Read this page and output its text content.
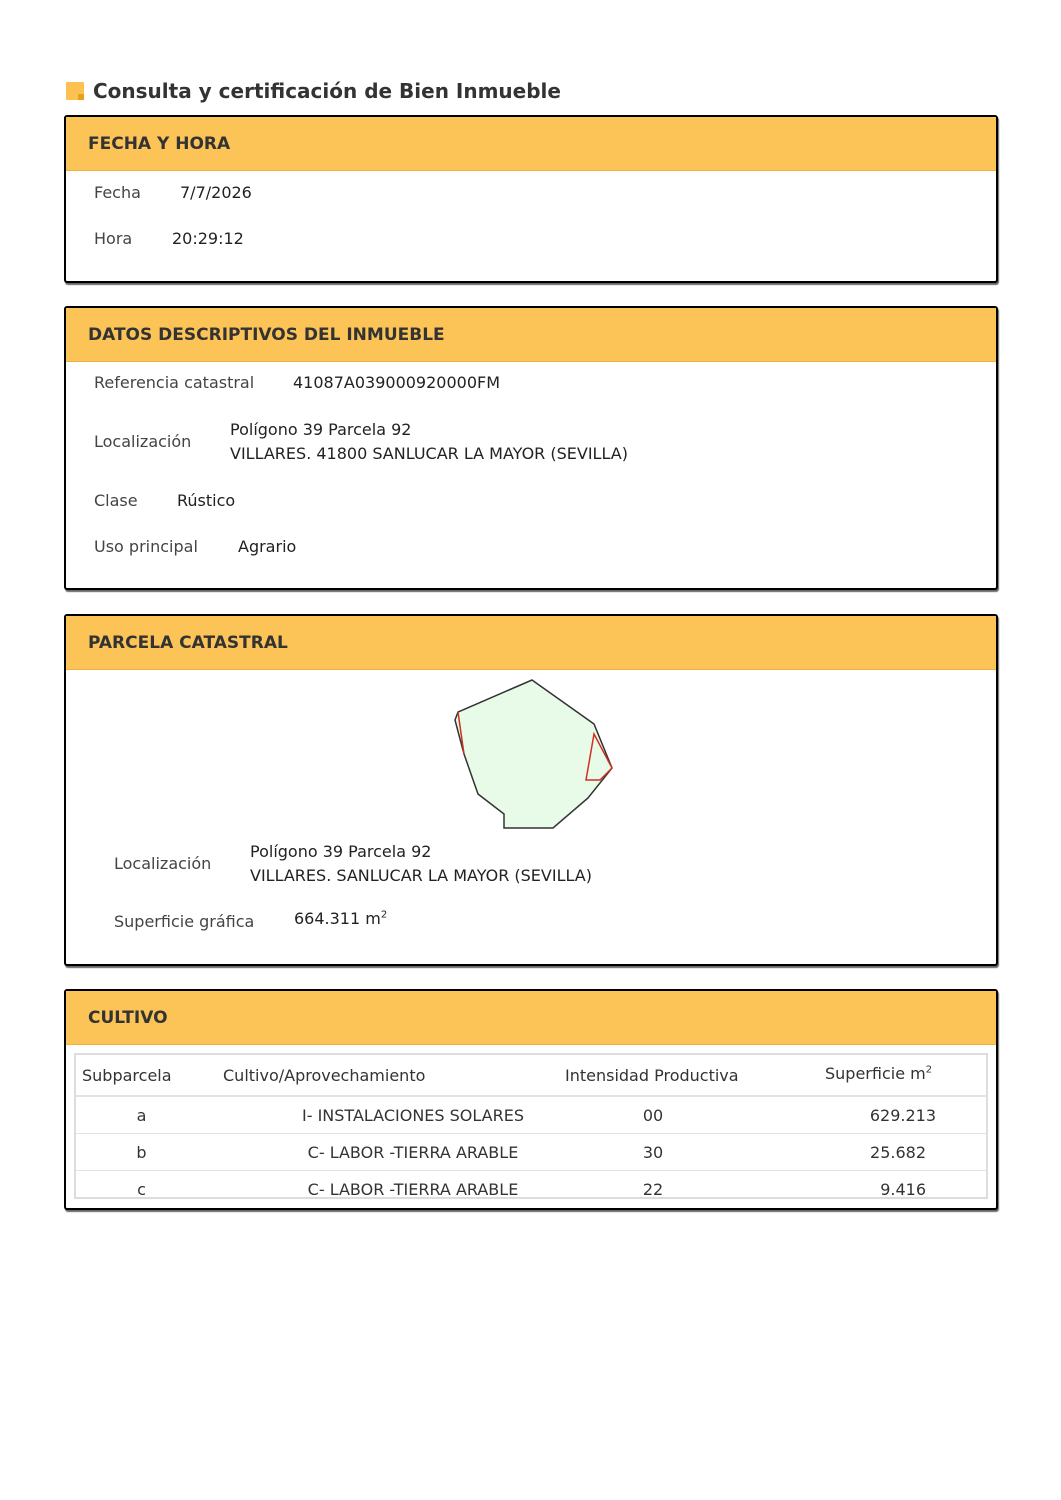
Consulta y certificación de Bien Inmueble
FECHA Y HORA
Fecha 7/7/2026
Hora 20:29:12
DATOS DESCRIPTIVOS DEL INMUEBLE
Referencia catastral 41087A039000920000FM
Localización
Polígono 39 Parcela 92
VILLARES. 41800 SANLUCAR LA MAYOR (SEVILLA)
Clase Rústico
Uso principal	Agrario
PARCELA CATASTRAL
Localización
Polígono 39 Parcela 92
VILLARES. SANLUCAR LA MAYOR (SEVILLA)
Superficie gráfica 664.311 $m^2$
CULTIVO
Subparcela	Cultivo/Aprovechamiento	Intensidad Productiva	Superficie $m^2$
a	I- INSTALACIONES SOLARES	00	629.213
b	C- LABOR -TIERRA ARABLE	30	25.682
c	C- LABOR -TIERRA ARABLE	22	9.416
